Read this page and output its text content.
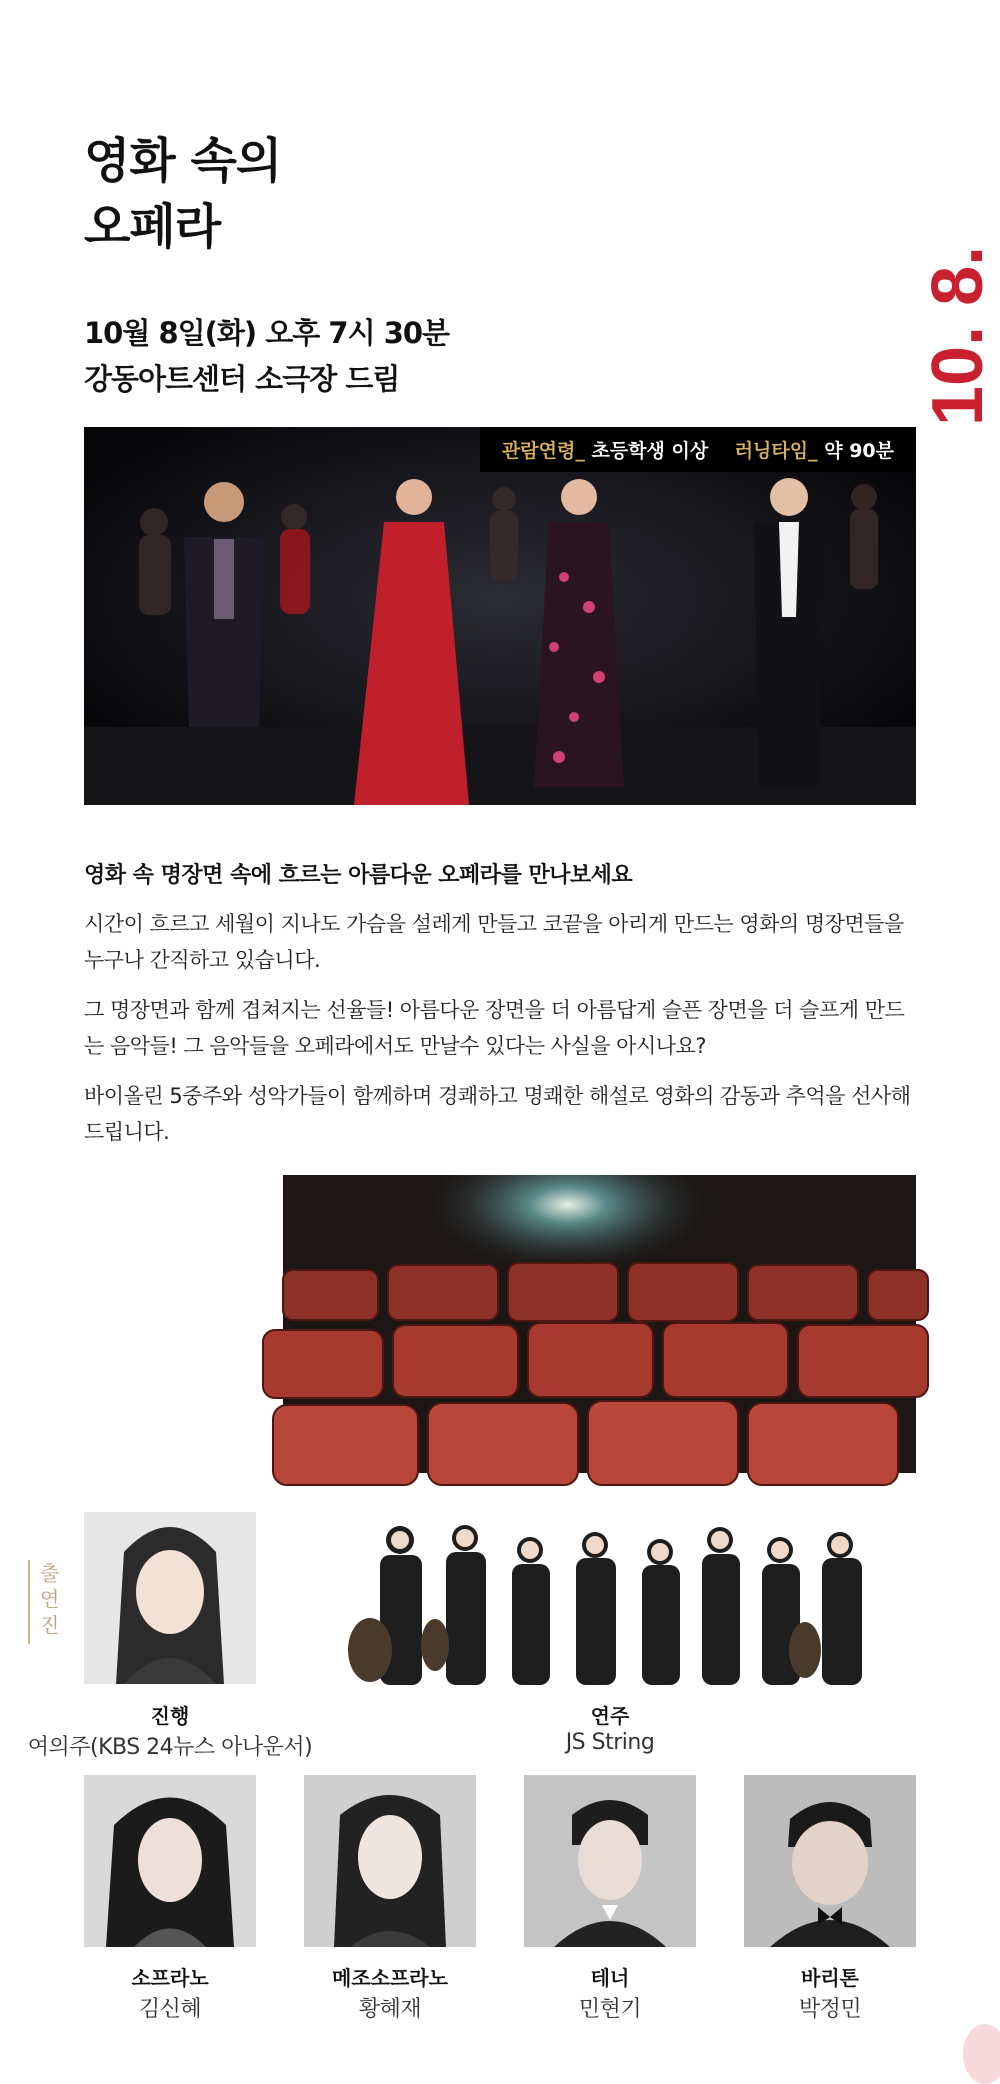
영화 속의
오페라
10. 8.
10월 8일(화) 오후 7시 30분
강동아트센터 소극장 드림
관람연령_ 초등학생 이상 러닝타임_ 약 90분
영화 속 명장면 속에 흐르는 아름다운 오페라를 만나보세요
시간이 흐르고 세월이 지나도 가슴을 설레게 만들고 코끝을 아리게 만드는 영화의 명장면들을 누구나 간직하고 있습니다.
그 명장면과 함께 겹쳐지는 선율들! 아름다운 장면을 더 아름답게 슬픈 장면을 더 슬프게 만드는 음악들! 그 음악들을 오페라에서도 만날수 있다는 사실을 아시나요?
바이올린 5중주와 성악가들이 함께하며 경쾌하고 명쾌한 해설로 영화의 감동과 추억을 선사해드립니다.
출연진
진행
여의주(KBS 24뉴스 아나운서)
연주
JS String
소프라노
김신혜
메조소프라노
황혜재
테너
민현기
바리톤
박정민
